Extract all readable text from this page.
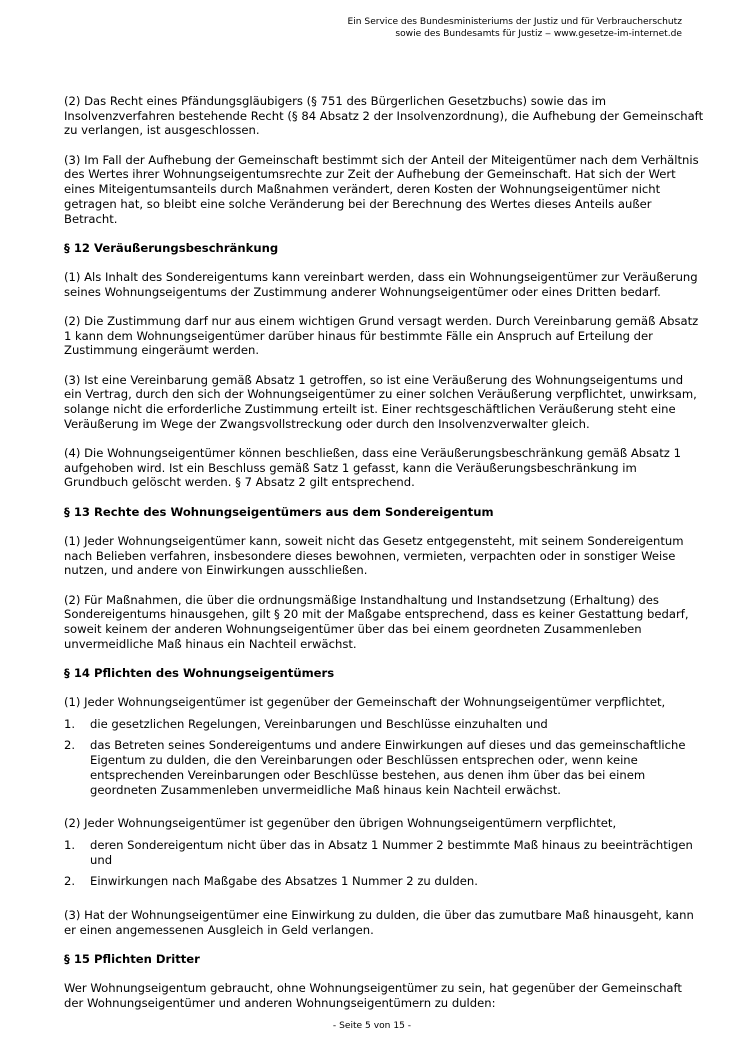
Ein Service des Bundesministeriums der Justiz und für Verbraucherschutz
sowie des Bundesamts für Justiz ‒ www.gesetze-im-internet.de

(2) Das Recht eines Pfändungsgläubigers (§ 751 des Bürgerlichen Gesetzbuchs) sowie das im Insolvenzverfahren bestehende Recht (§ 84 Absatz 2 der Insolvenzordnung), die Aufhebung der Gemeinschaft zu verlangen, ist ausgeschlossen.

(3) Im Fall der Aufhebung der Gemeinschaft bestimmt sich der Anteil der Miteigentümer nach dem Verhältnis des Wertes ihrer Wohnungseigentumsrechte zur Zeit der Aufhebung der Gemeinschaft. Hat sich der Wert eines Miteigentumsanteils durch Maßnahmen verändert, deren Kosten der Wohnungseigentümer nicht getragen hat, so bleibt eine solche Veränderung bei der Berechnung des Wertes dieses Anteils außer Betracht.

§ 12 Veräußerungsbeschränkung

(1) Als Inhalt des Sondereigentums kann vereinbart werden, dass ein Wohnungseigentümer zur Veräußerung seines Wohnungseigentums der Zustimmung anderer Wohnungseigentümer oder eines Dritten bedarf.

(2) Die Zustimmung darf nur aus einem wichtigen Grund versagt werden. Durch Vereinbarung gemäß Absatz 1 kann dem Wohnungseigentümer darüber hinaus für bestimmte Fälle ein Anspruch auf Erteilung der Zustimmung eingeräumt werden.

(3) Ist eine Vereinbarung gemäß Absatz 1 getroffen, so ist eine Veräußerung des Wohnungseigentums und ein Vertrag, durch den sich der Wohnungseigentümer zu einer solchen Veräußerung verpflichtet, unwirksam, solange nicht die erforderliche Zustimmung erteilt ist. Einer rechtsgeschäftlichen Veräußerung steht eine Veräußerung im Wege der Zwangsvollstreckung oder durch den Insolvenzverwalter gleich.

(4) Die Wohnungseigentümer können beschließen, dass eine Veräußerungsbeschränkung gemäß Absatz 1 aufgehoben wird. Ist ein Beschluss gemäß Satz 1 gefasst, kann die Veräußerungsbeschränkung im Grundbuch gelöscht werden. § 7 Absatz 2 gilt entsprechend.

§ 13 Rechte des Wohnungseigentümers aus dem Sondereigentum

(1) Jeder Wohnungseigentümer kann, soweit nicht das Gesetz entgegensteht, mit seinem Sondereigentum nach Belieben verfahren, insbesondere dieses bewohnen, vermieten, verpachten oder in sonstiger Weise nutzen, und andere von Einwirkungen ausschließen.

(2) Für Maßnahmen, die über die ordnungsmäßige Instandhaltung und Instandsetzung (Erhaltung) des Sondereigentums hinausgehen, gilt § 20 mit der Maßgabe entsprechend, dass es keiner Gestattung bedarf, soweit keinem der anderen Wohnungseigentümer über das bei einem geordneten Zusammenleben unvermeidliche Maß hinaus ein Nachteil erwächst.

§ 14 Pflichten des Wohnungseigentümers

(1) Jeder Wohnungseigentümer ist gegenüber der Gemeinschaft der Wohnungseigentümer verpflichtet,

1. die gesetzlichen Regelungen, Vereinbarungen und Beschlüsse einzuhalten und
2. das Betreten seines Sondereigentums und andere Einwirkungen auf dieses und das gemeinschaftliche Eigentum zu dulden, die den Vereinbarungen oder Beschlüssen entsprechen oder, wenn keine entsprechenden Vereinbarungen oder Beschlüsse bestehen, aus denen ihm über das bei einem geordneten Zusammenleben unvermeidliche Maß hinaus kein Nachteil erwächst.

(2) Jeder Wohnungseigentümer ist gegenüber den übrigen Wohnungseigentümern verpflichtet,

1. deren Sondereigentum nicht über das in Absatz 1 Nummer 2 bestimmte Maß hinaus zu beeinträchtigen und
2. Einwirkungen nach Maßgabe des Absatzes 1 Nummer 2 zu dulden.

(3) Hat der Wohnungseigentümer eine Einwirkung zu dulden, die über das zumutbare Maß hinausgeht, kann er einen angemessenen Ausgleich in Geld verlangen.

§ 15 Pflichten Dritter

Wer Wohnungseigentum gebraucht, ohne Wohnungseigentümer zu sein, hat gegenüber der Gemeinschaft der Wohnungseigentümer und anderen Wohnungseigentümern zu dulden:

- Seite 5 von 15 -
